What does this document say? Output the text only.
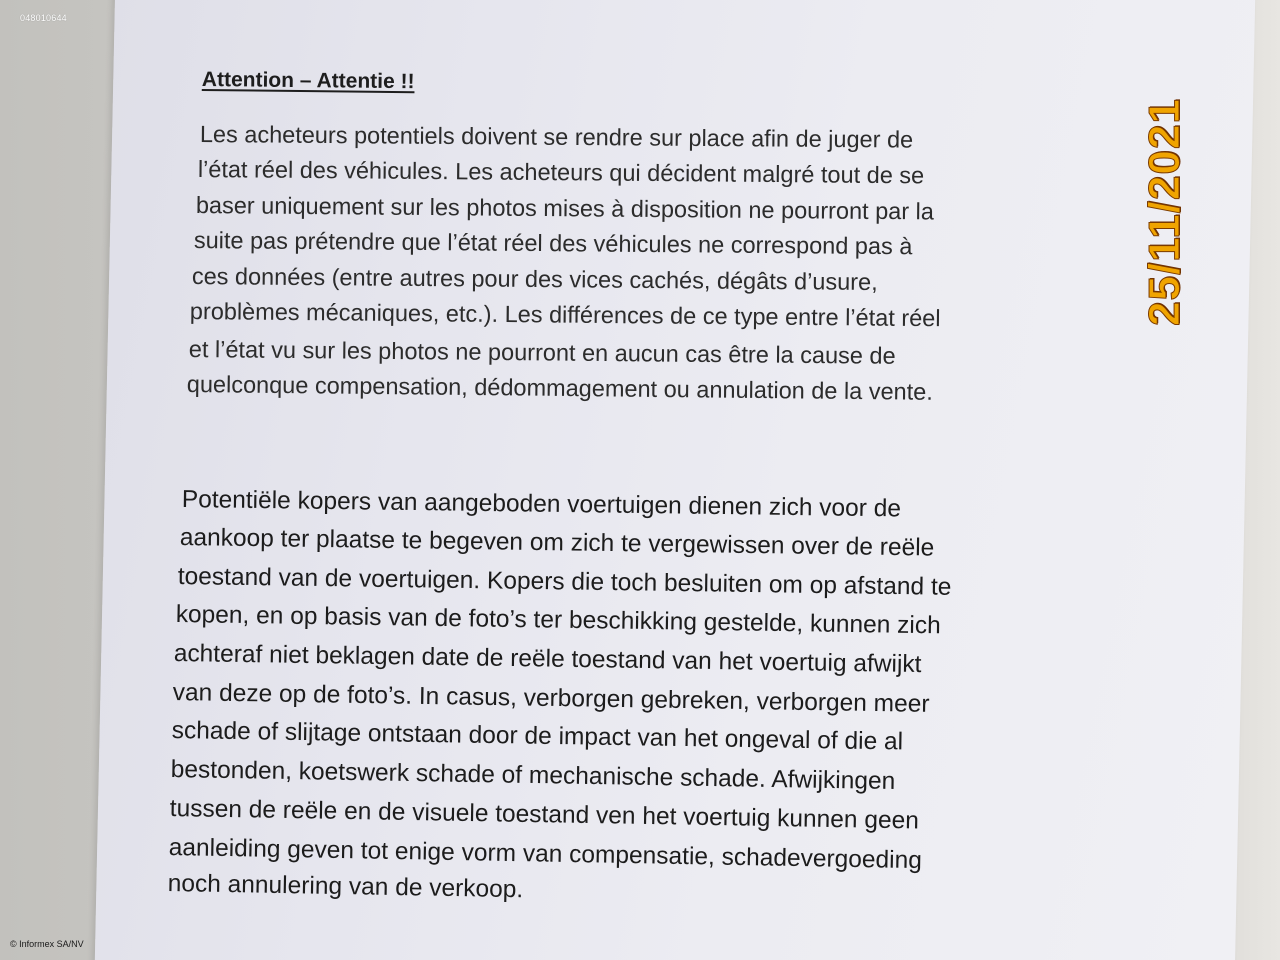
Attention – Attentie !!
Les acheteurs potentiels doivent se rendre sur place afin de juger de
l’état réel des véhicules. Les acheteurs qui décident malgré tout de se
baser uniquement sur les photos mises à disposition ne pourront par la
suite pas prétendre que l’état réel des véhicules ne correspond pas à
ces données (entre autres pour des vices cachés, dégâts d’usure,
problèmes mécaniques, etc.). Les différences de ce type entre l’état réel
et l’état vu sur les photos ne pourront en aucun cas être la cause de
quelconque compensation, dédommagement ou annulation de la vente.
Potentiële kopers van aangeboden voertuigen dienen zich voor de
aankoop ter plaatse te begeven om zich te vergewissen over de reële
toestand van de voertuigen. Kopers die toch besluiten om op afstand te
kopen, en op basis van de foto’s ter beschikking gestelde, kunnen zich
achteraf niet beklagen date de reële toestand van het voertuig afwijkt
van deze op de foto’s. In casus, verborgen gebreken, verborgen meer
schade of slijtage ontstaan door de impact van het ongeval of die al
bestonden, koetswerk schade of mechanische schade. Afwijkingen
tussen de reële en de visuele toestand ven het voertuig kunnen geen
aanleiding geven tot enige vorm van compensatie, schadevergoeding
noch annulering van de verkoop.
048010644
© Informex SA/NV
